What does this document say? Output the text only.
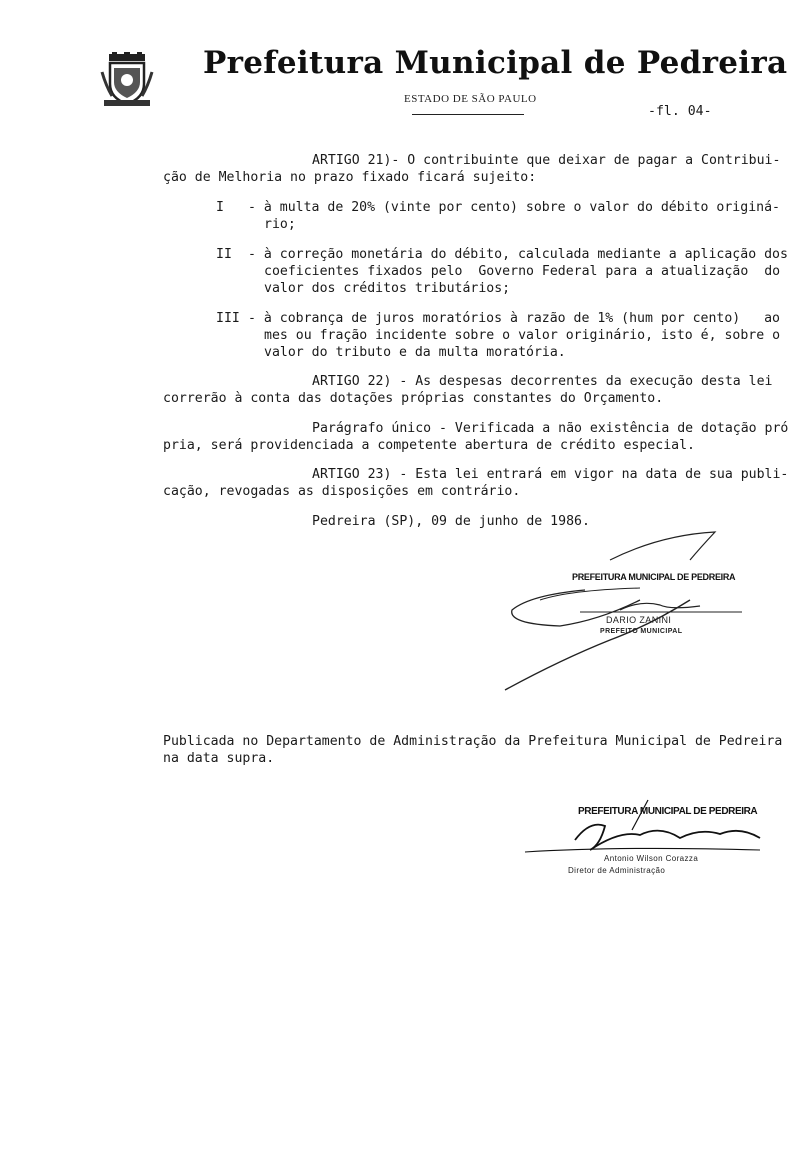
Prefeitura Municipal de Pedreira
ESTADO DE SÃO PAULO
-fl. 04-
ARTIGO 21)- O contribuinte que deixar de pagar a Contribui-
ção de Melhoria no prazo fixado ficará sujeito:
I - à multa de 20% (vinte por cento) sobre o valor do débito originá-
rio;
II - à correção monetária do débito, calculada mediante a aplicação dos
coeficientes fixados pelo  Governo Federal para a atualização  do
valor dos créditos tributários;
III - à cobrança de juros moratórios à razão de 1% (hum por cento)   ao
mes ou fração incidente sobre o valor originário, isto é, sobre o
valor do tributo e da multa moratória.
ARTIGO 22) - As despesas decorrentes da execução desta lei
correrão à conta das dotações próprias constantes do Orçamento.
Parágrafo único - Verificada a não existência de dotação pró
pria, será providenciada a competente abertura de crédito especial.
ARTIGO 23) - Esta lei entrará em vigor na data de sua publi-
cação, revogadas as disposições em contrário.
Pedreira (SP), 09 de junho de 1986.
PREFEITURA MUNICIPAL DE PEDREIRA
DARIO ZANINI
PREFEITO MUNICIPAL
Publicada no Departamento de Administração da Prefeitura Municipal de Pedreira
na data supra.
PREFEITURA MUNICIPAL DE PEDREIRA
Antonio Wilson Corazza
Diretor de Administração
